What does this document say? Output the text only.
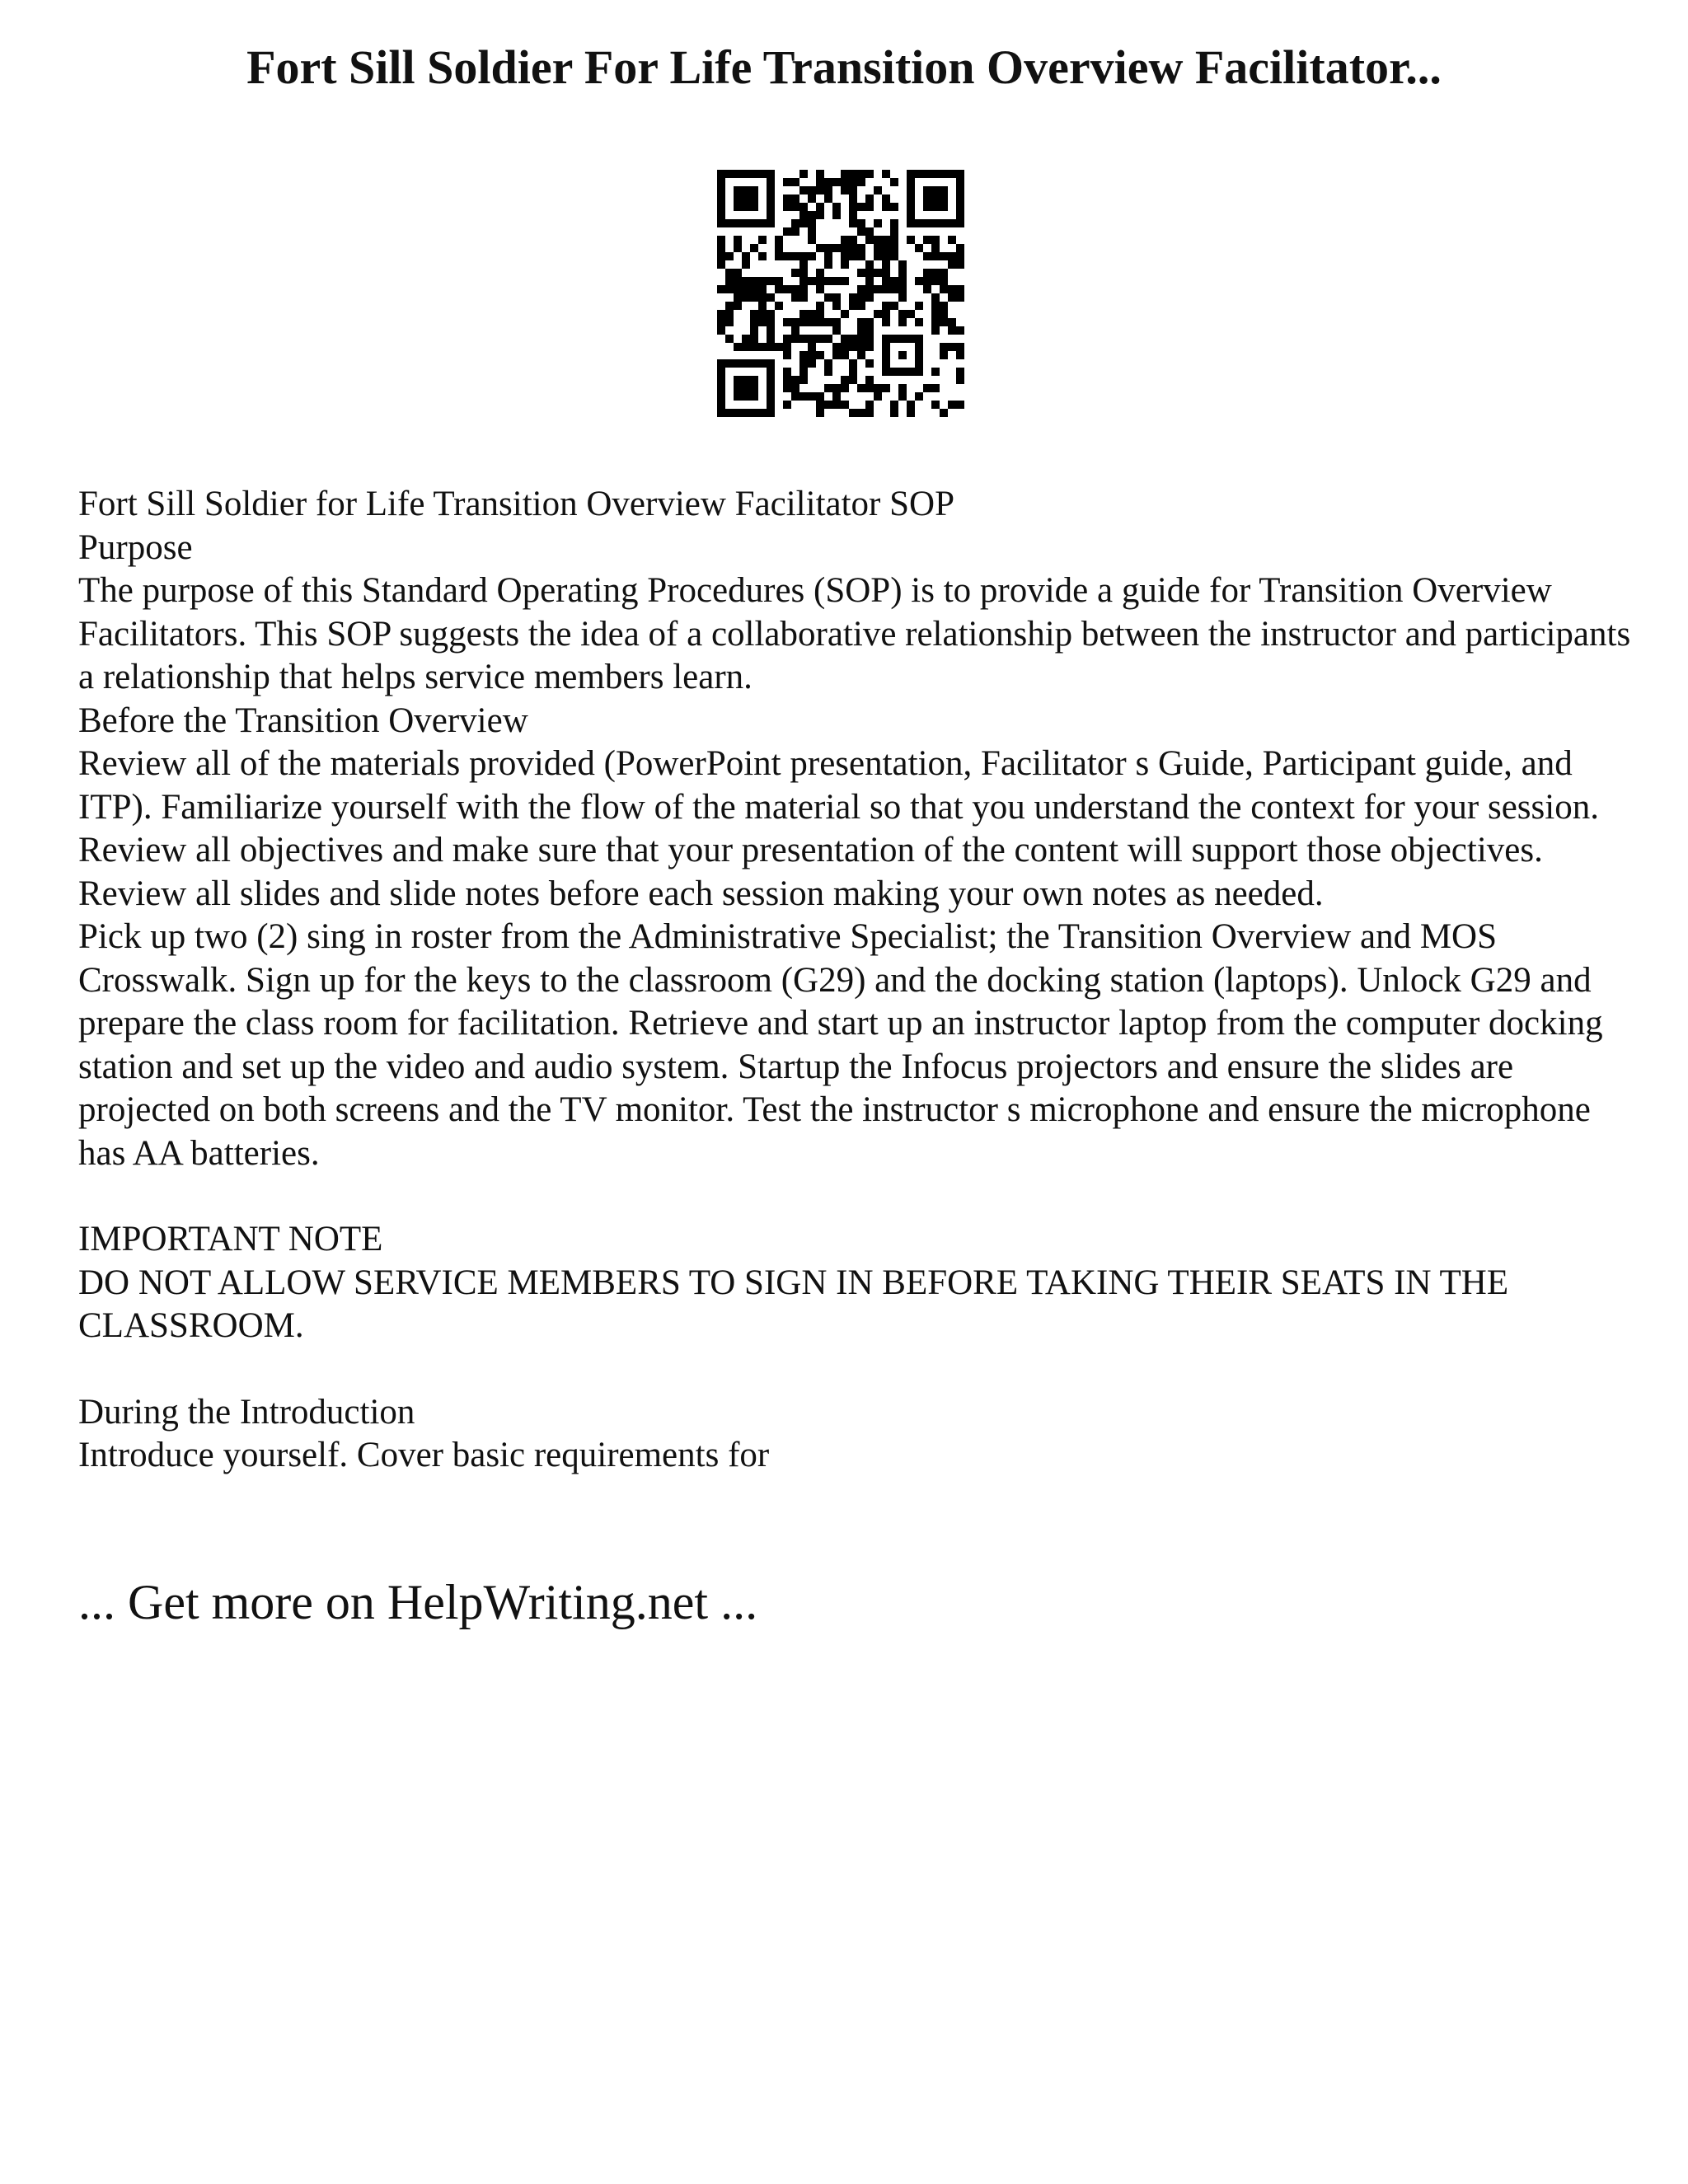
Fort Sill Soldier For Life Transition Overview Facilitator...

Fort Sill Soldier for Life Transition Overview Facilitator SOP

Purpose

The purpose of this Standard Operating Procedures (SOP) is to provide a guide for Transition Overview Facilitators. This SOP suggests the idea of a collaborative relationship between the instructor and participants a relationship that helps service members learn.

Before the Transition Overview

Review all of the materials provided (PowerPoint presentation, Facilitator s Guide, Participant guide, and ITP). Familiarize yourself with the flow of the material so that you understand the context for your session. Review all objectives and make sure that your presentation of the content will support those objectives. Review all slides and slide notes before each session making your own notes as needed.

Pick up two (2) sing in roster from the Administrative Specialist; the Transition Overview and MOS Crosswalk. Sign up for the keys to the classroom (G29) and the docking station (laptops). Unlock G29 and prepare the class room for facilitation. Retrieve and start up an instructor laptop from the computer docking station and set up the video and audio system. Startup the Infocus projectors and ensure the slides are projected on both screens and the TV monitor. Test the instructor s microphone and ensure the microphone has AA batteries.

IMPORTANT NOTE

DO NOT ALLOW SERVICE MEMBERS TO SIGN IN BEFORE TAKING THEIR SEATS IN THE CLASSROOM.

During the Introduction

Introduce yourself. Cover basic requirements for

... Get more on HelpWriting.net ...
